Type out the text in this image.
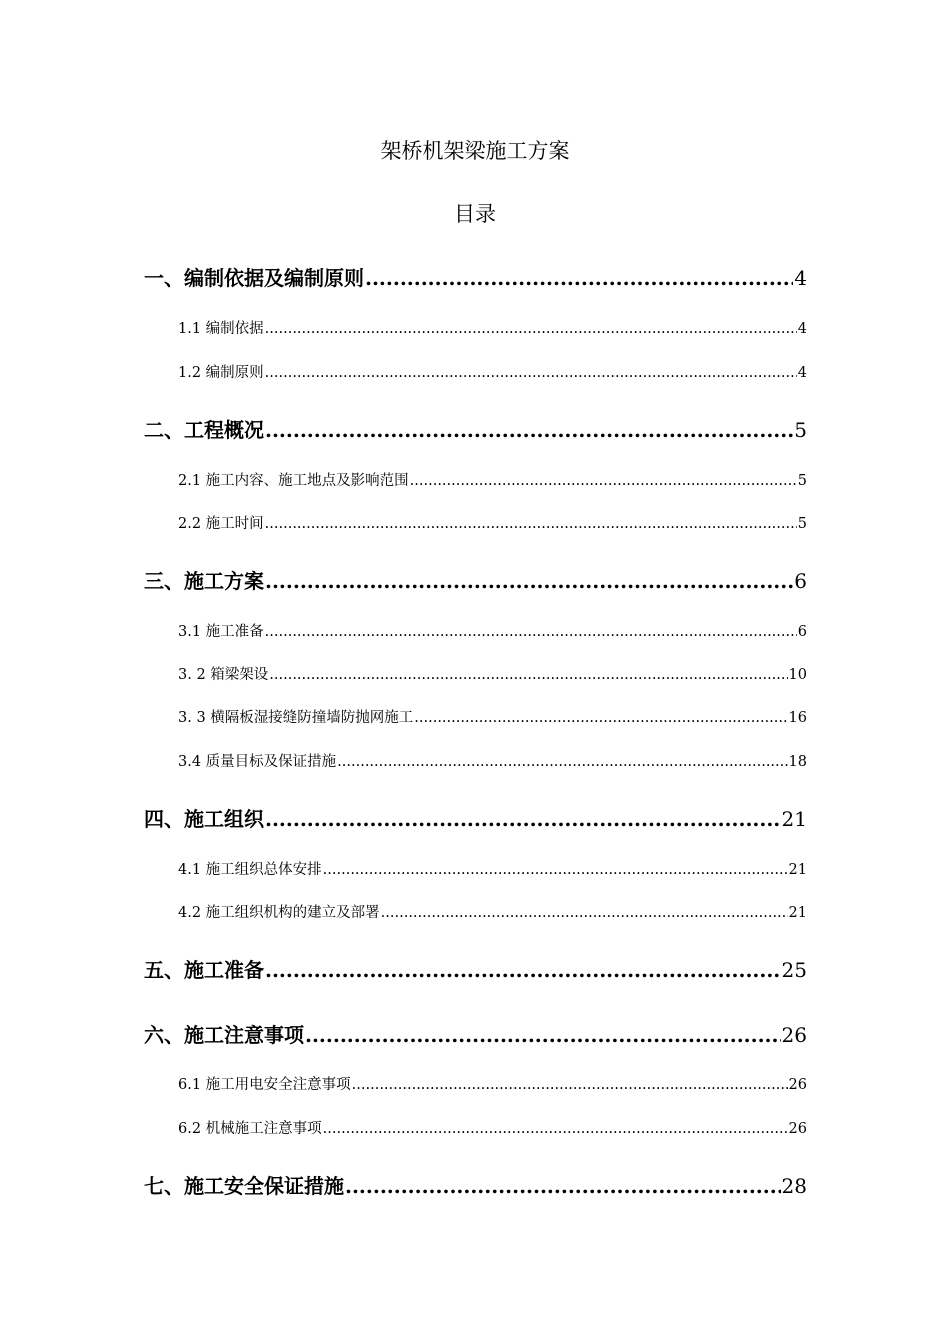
架桥机架梁施工方案
目录
一、编制依据及编制原则 .....	4
1.1 编制依据 .....	4
1.2 编制原则 .....	4
二、工程概况 .....	5
2.1 施工内容、施工地点及影响范围 .....	5
2.2 施工时间 .....	5
三、施工方案 .....	6
3.1 施工准备 .....	6
3. 2 箱梁架设 .....	10
3. 3 横隔板湿接缝防撞墙防抛网施工 .....	16
3.4 质量目标及保证措施 .....	18
四、施工组织 .....	21
4.1 施工组织总体安排 .....	21
4.2 施工组织机构的建立及部署 .....	21
五、施工准备 .....	25
六、施工注意事项 .....	26
6.1 施工用电安全注意事项 .....	26
6.2 机械施工注意事项 .....	26
七、施工安全保证措施 .....	28
